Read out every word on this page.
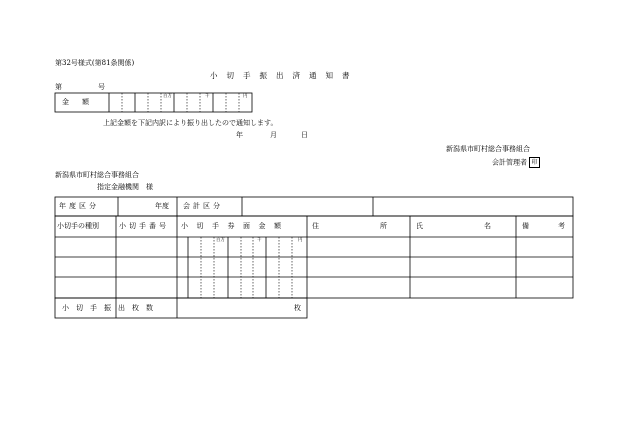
第32号様式(第81条関係)
小切手振出済通知書
第	号
金　額
百万	千	円
上記金額を下記内訳により振り出したので通知します。
年	月	日
新潟県市町村総合事務組合
会計管理者 印
新潟県市町村総合事務組合
指定金融機関　様
年度区分	年度 会計区分
小切手の種別	小切手番号 小切手券面金額	住　　　所	氏　　　名	備　考
百万	千	円
小切手振出枚数	枚
